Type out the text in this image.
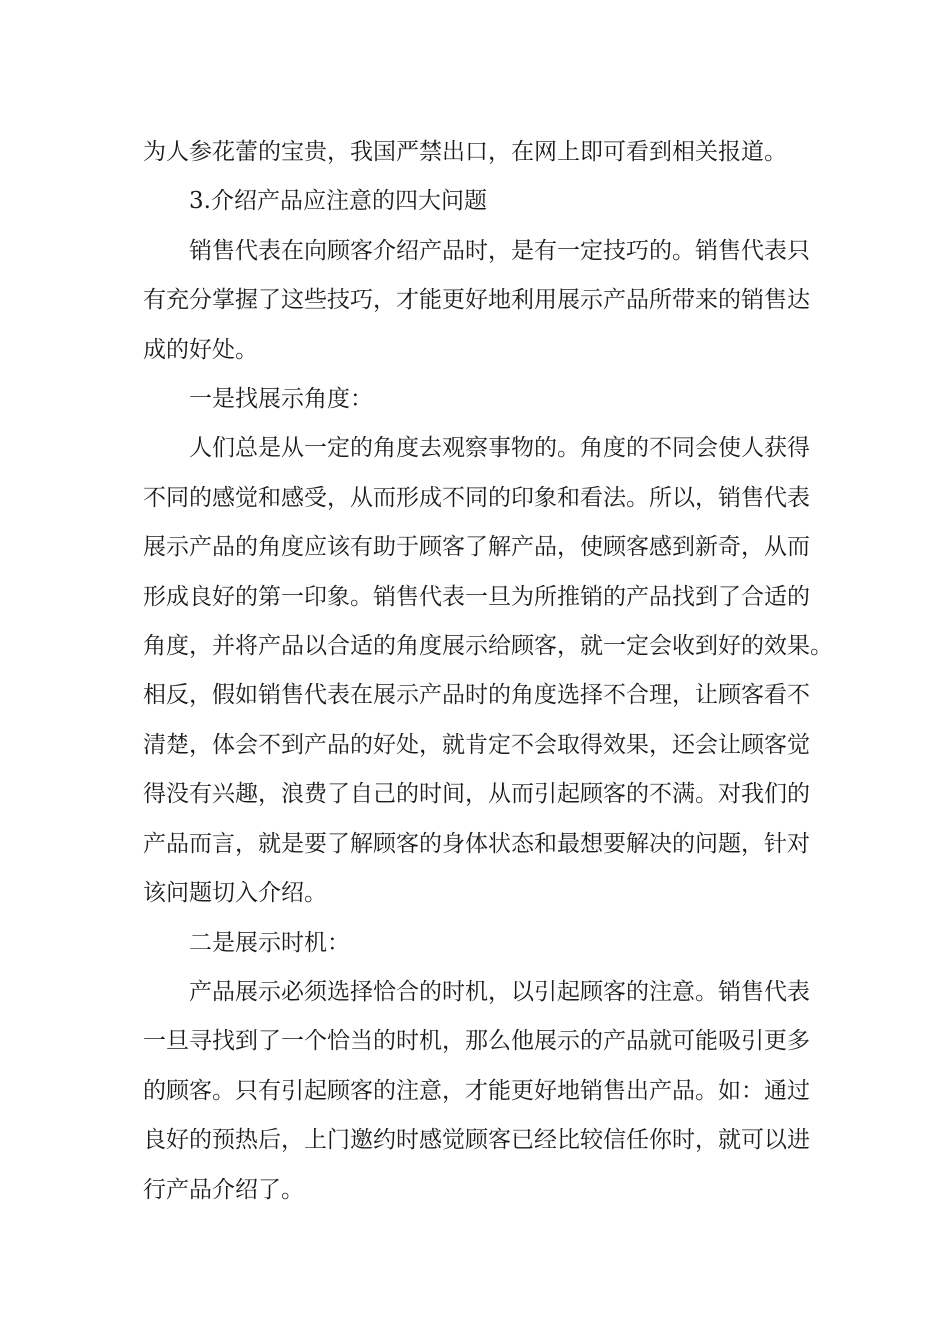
为人参花蕾的宝贵，我国严禁出口，在网上即可看到相关报道。

3.介绍产品应注意的四大问题

销售代表在向顾客介绍产品时，是有一定技巧的。销售代表只
有充分掌握了这些技巧，才能更好地利用展示产品所带来的销售达
成的好处。

一是找展示角度：

人们总是从一定的角度去观察事物的。角度的不同会使人获得
不同的感觉和感受，从而形成不同的印象和看法。所以，销售代表
展示产品的角度应该有助于顾客了解产品，使顾客感到新奇，从而
形成良好的第一印象。销售代表一旦为所推销的产品找到了合适的
角度，并将产品以合适的角度展示给顾客，就一定会收到好的效果。
相反，假如销售代表在展示产品时的角度选择不合理，让顾客看不
清楚，体会不到产品的好处，就肯定不会取得效果，还会让顾客觉
得没有兴趣，浪费了自己的时间，从而引起顾客的不满。对我们的
产品而言，就是要了解顾客的身体状态和最想要解决的问题，针对
该问题切入介绍。

二是展示时机：

产品展示必须选择恰合的时机，以引起顾客的注意。销售代表
一旦寻找到了一个恰当的时机，那么他展示的产品就可能吸引更多
的顾客。只有引起顾客的注意，才能更好地销售出产品。如：通过
良好的预热后，上门邀约时感觉顾客已经比较信任你时，就可以进
行产品介绍了。
